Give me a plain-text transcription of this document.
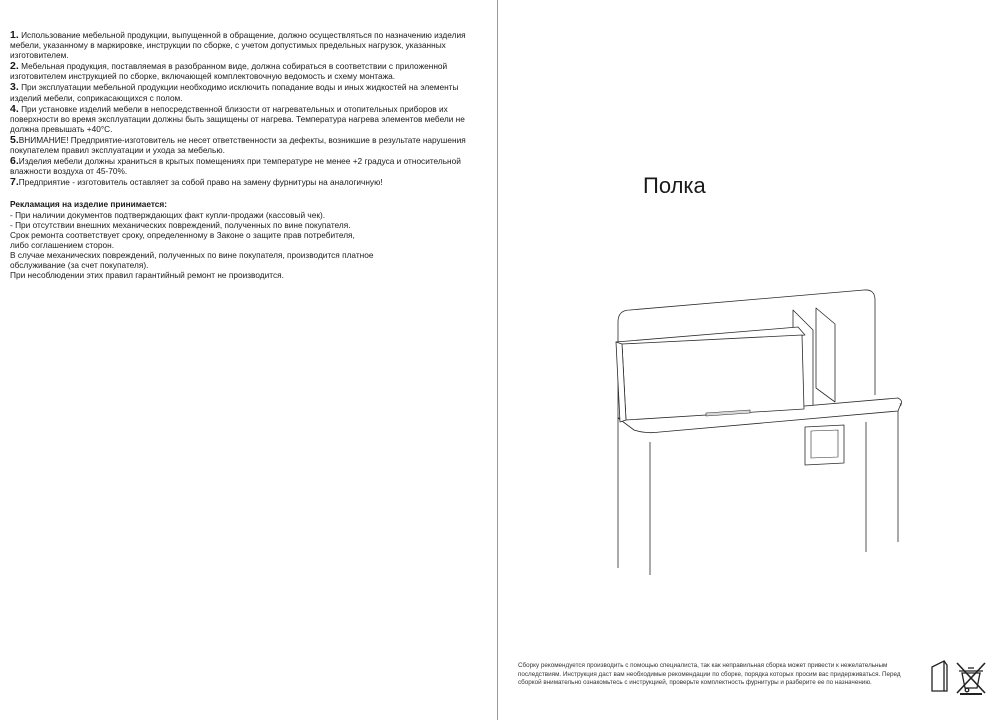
1. Использование мебельной продукции, выпущенной в обращение, должно осуществляться по назначению изделия мебели, указанному в маркировке, инструкции по сборке, с учетом допустимых предельных нагрузок, указанных изготовителем.
2. Мебельная продукция, поставляемая в разобранном виде, должна собираться в соответствии с приложенной изготовителем инструкцией по сборке, включающей комплектовочную ведомость и схему монтажа.
3. При эксплуатации мебельной продукции необходимо исключить попадание воды и иных жидкостей на элементы изделий мебели, соприкасающихся с полом.
4. При установке изделий мебели в непосредственной близости от нагревательных и отопительных приборов их поверхности во время эксплуатации должны быть защищены от нагрева. Температура нагрева элементов мебели не должна превышать +40°С.
5.ВНИМАНИЕ! Предприятие-изготовитель не несет ответственности за дефекты, возникшие в результате нарушения покупателем правил эксплуатации и ухода за мебелью.
6.Изделия мебели должны храниться в крытых помещениях при температуре не менее +2 градуса и относительной влажности воздуха от 45-70%.
7.Предприятие - изготовитель оставляет за собой право на замену фурнитуры на аналогичную!
Рекламация на изделие принимается:
- При наличии документов подтверждающих факт купли-продажи (кассовый чек).
- При отсутствии внешних механических повреждений, полученных по вине покупателя.
Срок ремонта соответствует сроку, определенному в Законе о защите прав потребителя,
либо соглашением сторон.
В случае механических повреждений, полученных по вине покупателя, производится платное
обслуживание (за счет покупателя).
При несоблюдении этих правил гарантийный ремонт не производится.
Полка
Сборку рекомендуется производить с помощью специалиста, так как неправильная сборка может привести к нежелательным последствиям. Инструкция даст вам необходимые рекомендации по сборке, порядка которых просим вас придерживаться. Перед сборкой внимательно ознакомьтесь с инструкцией, проверьте комплектность фурнитуры и разберите ее по назначению.
